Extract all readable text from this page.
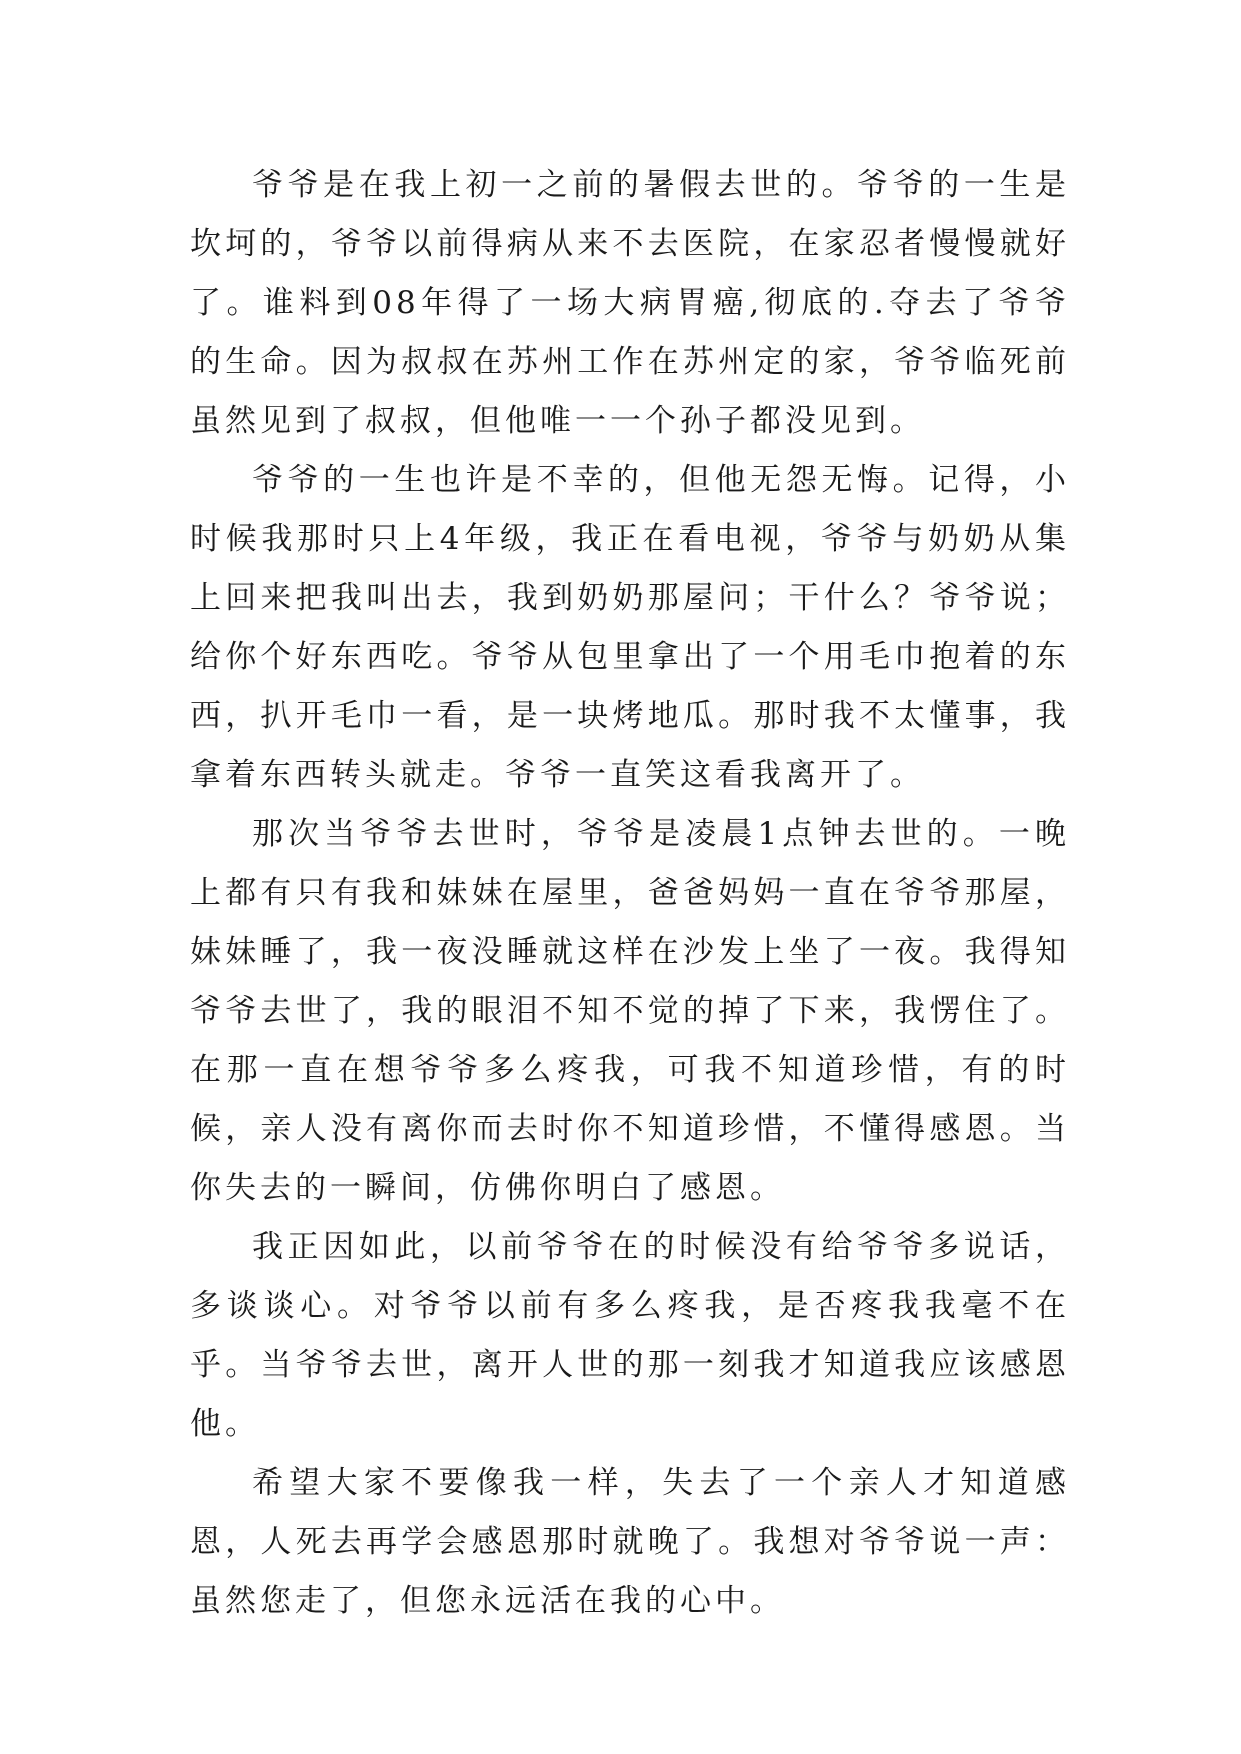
爷爷是在我上初一之前的暑假去世的。爷爷的一生是坎坷的，爷爷以前得病从来不去医院，在家忍者慢慢就好了。谁料到08年得了一场大病胃癌,彻底的.夺去了爷爷的生命。因为叔叔在苏州工作在苏州定的家，爷爷临死前虽然见到了叔叔，但他唯一一个孙子都没见到。

爷爷的一生也许是不幸的，但他无怨无悔。记得，小时候我那时只上4年级，我正在看电视，爷爷与奶奶从集上回来把我叫出去，我到奶奶那屋问；干什么？爷爷说；给你个好东西吃。爷爷从包里拿出了一个用毛巾抱着的东西，扒开毛巾一看，是一块烤地瓜。那时我不太懂事，我拿着东西转头就走。爷爷一直笑这看我离开了。

那次当爷爷去世时，爷爷是凌晨1点钟去世的。一晚上都有只有我和妹妹在屋里，爸爸妈妈一直在爷爷那屋，妹妹睡了，我一夜没睡就这样在沙发上坐了一夜。我得知爷爷去世了，我的眼泪不知不觉的掉了下来，我愣住了。在那一直在想爷爷多么疼我，可我不知道珍惜，有的时候，亲人没有离你而去时你不知道珍惜，不懂得感恩。当你失去的一瞬间，仿佛你明白了感恩。

我正因如此，以前爷爷在的时候没有给爷爷多说话，多谈谈心。对爷爷以前有多么疼我，是否疼我我毫不在乎。当爷爷去世，离开人世的那一刻我才知道我应该感恩他。

希望大家不要像我一样，失去了一个亲人才知道感恩，人死去再学会感恩那时就晚了。我想对爷爷说一声：虽然您走了，但您永远活在我的心中。
